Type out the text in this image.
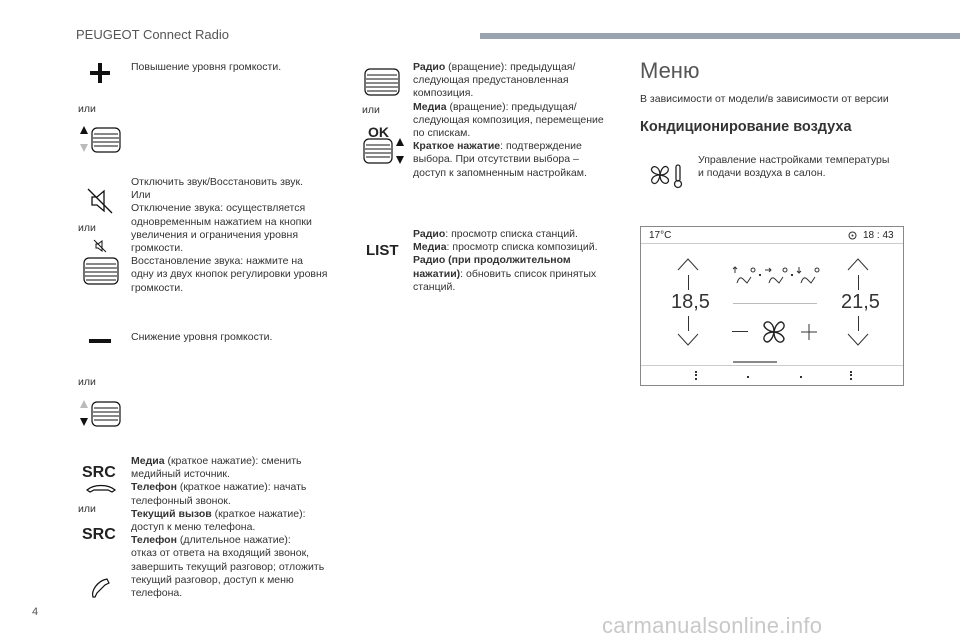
PEUGEOT Connect Radio
Повышение уровня громкости.
или
Отключить звук/Восстановить звук.
Или
Отключение звука: осуществляется
одновременным нажатием на кнопки
увеличения и ограничения уровня
громкости.
Восстановление звука: нажмите на
одну из двух кнопок регулировки уровня
громкости.
или
Снижение уровня громкости.
или
SRC
или
SRC
Медиа (краткое нажатие): сменить
медийный источник.
Телефон (краткое нажатие): начать
телефонный звонок.
Текущий вызов (краткое нажатие):
доступ к меню телефона.
Телефон (длительное нажатие):
отказ от ответа на входящий звонок,
завершить текущий разговор; отложить
текущий разговор, доступ к меню
телефона.
или
OK
Радио (вращение): предыдущая/
следующая предустановленная
композиция.
Медиа (вращение): предыдущая/
следующая композиция, перемещение
по спискам.
Краткое нажатие: подтверждение
выбора. При отсутствии выбора –
доступ к запомненным настройкам.
LIST
Радио: просмотр списка станций.
Медиа: просмотр списка композиций.
Радио (при продолжительном
нажатии): обновить список принятых
станций.
Меню
В зависимости от модели/в зависимости от версии
Кондиционирование воздуха
Управление настройками температуры
и подачи воздуха в салон.
17°C	18 : 43
18,5	21,5
4
carmanualsonline.info
